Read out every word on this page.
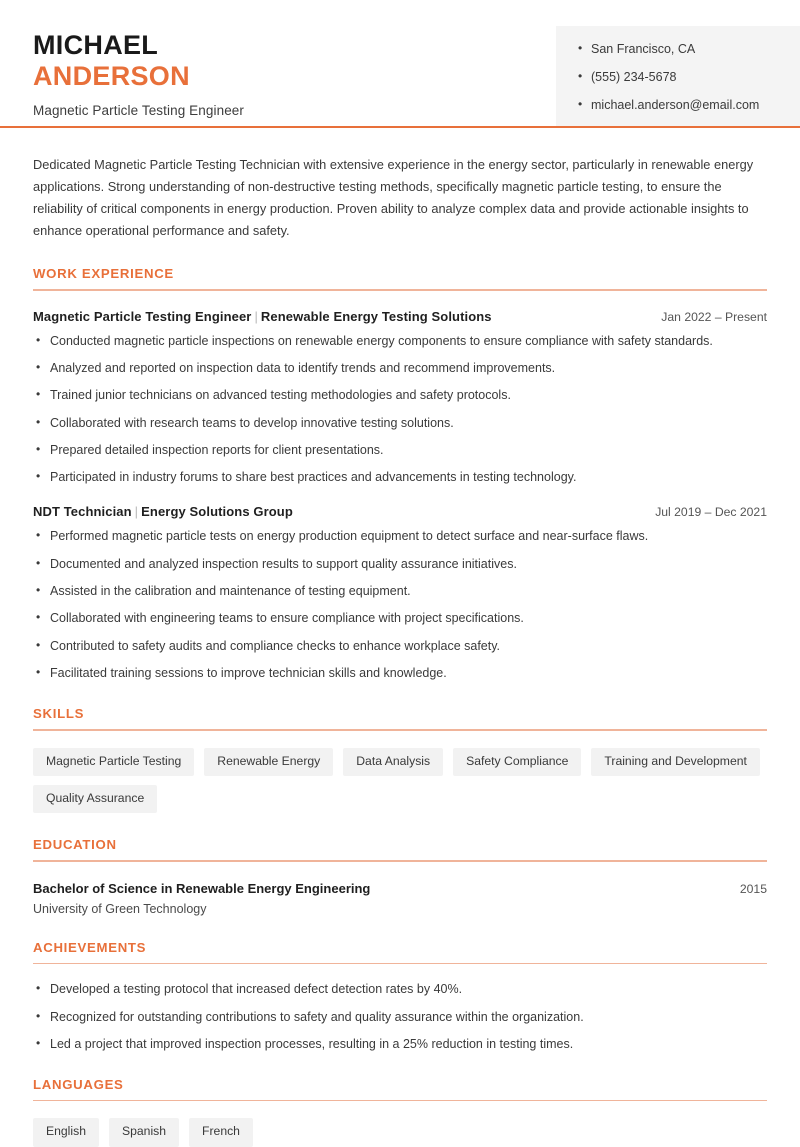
MICHAEL
ANDERSON
Magnetic Particle Testing Engineer
• San Francisco, CA
• (555) 234-5678
• michael.anderson@email.com

Dedicated Magnetic Particle Testing Technician with extensive experience in the energy sector, particularly in renewable energy applications. Strong understanding of non-destructive testing methods, specifically magnetic particle testing, to ensure the reliability of critical components in energy production. Proven ability to analyze complex data and provide actionable insights to enhance operational performance and safety.

WORK EXPERIENCE
Magnetic Particle Testing Engineer | Renewable Energy Testing Solutions	Jan 2022 – Present
• Conducted magnetic particle inspections on renewable energy components to ensure compliance with safety standards.
• Analyzed and reported on inspection data to identify trends and recommend improvements.
• Trained junior technicians on advanced testing methodologies and safety protocols.
• Collaborated with research teams to develop innovative testing solutions.
• Prepared detailed inspection reports for client presentations.
• Participated in industry forums to share best practices and advancements in testing technology.
NDT Technician | Energy Solutions Group	Jul 2019 – Dec 2021
• Performed magnetic particle tests on energy production equipment to detect surface and near-surface flaws.
• Documented and analyzed inspection results to support quality assurance initiatives.
• Assisted in the calibration and maintenance of testing equipment.
• Collaborated with engineering teams to ensure compliance with project specifications.
• Contributed to safety audits and compliance checks to enhance workplace safety.
• Facilitated training sessions to improve technician skills and knowledge.
SKILLS
Magnetic Particle Testing	Renewable Energy	Data Analysis	Safety Compliance	Training and Development
Quality Assurance
EDUCATION
Bachelor of Science in Renewable Energy Engineering	2015
University of Green Technology
ACHIEVEMENTS
• Developed a testing protocol that increased defect detection rates by 40%.
• Recognized for outstanding contributions to safety and quality assurance within the organization.
• Led a project that improved inspection processes, resulting in a 25% reduction in testing times.
LANGUAGES
English	Spanish	French
